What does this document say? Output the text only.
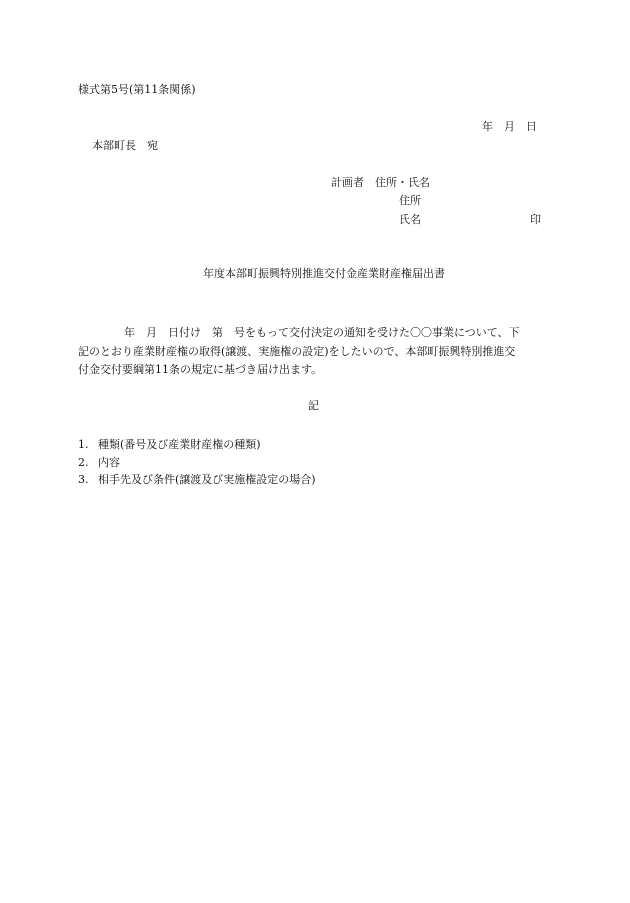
様式第5号(第11条関係)
年　月　日
本部町長　宛
計画者　住所・氏名
住所
氏名	印
年度本部町振興特別推進交付金産業財産権届出書
年　月　日付け　第　号をもって交付決定の通知を受けた〇〇事業について、下
記のとおり産業財産権の取得(譲渡、実施権の設定)をしたいので、本部町振興特別推進交
付金交付要綱第11条の規定に基づき届け出ます。
記
1. 種類(番号及び産業財産権の種類)
2. 内容
3. 相手先及び条件(譲渡及び実施権設定の場合)
